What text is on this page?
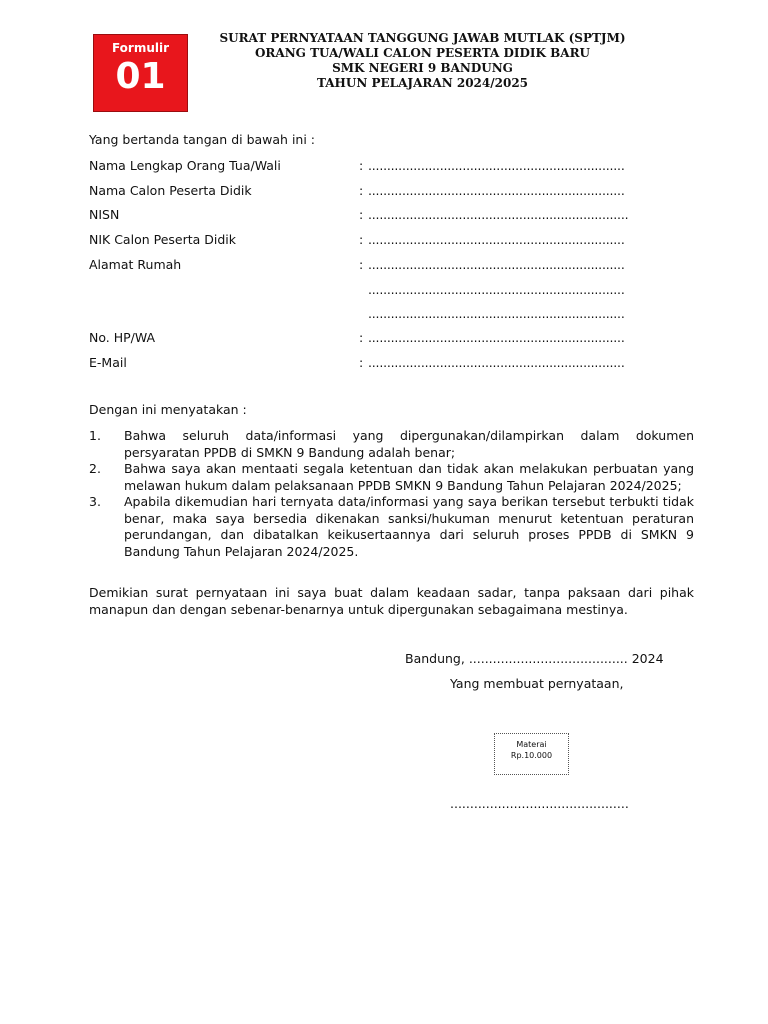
Formulir
01
SURAT PERNYATAAN TANGGUNG JAWAB MUTLAK (SPTJM)
ORANG TUA/WALI CALON PESERTA DIDIK BARU
SMK NEGERI 9 BANDUNG
TAHUN PELAJARAN 2024/2025
Yang bertanda tangan di bawah ini :
Nama Lengkap Orang Tua/Wali	: ....................................................................
Nama Calon Peserta Didik	: ....................................................................
NISN	: .....................................................................
NIK Calon Peserta Didik	: ....................................................................
Alamat Rumah	: ....................................................................
....................................................................
....................................................................
No. HP/WA	: ....................................................................
E-Mail	: ....................................................................
Dengan ini menyatakan :
1. Bahwa seluruh data/informasi yang dipergunakan/dilampirkan dalam dokumen persyaratan PPDB di SMKN 9 Bandung adalah benar;
2. Bahwa saya akan mentaati segala ketentuan dan tidak akan melakukan perbuatan yang melawan hukum dalam pelaksanaan PPDB SMKN 9 Bandung Tahun Pelajaran 2024/2025;
3. Apabila dikemudian hari ternyata data/informasi yang saya berikan tersebut terbukti tidak benar, maka saya bersedia dikenakan sanksi/hukuman menurut ketentuan peraturan perundangan, dan dibatalkan keikusertaannya dari seluruh proses PPDB di SMKN 9 Bandung Tahun Pelajaran 2024/2025.
Demikian surat pernyataan ini saya buat dalam keadaan sadar, tanpa paksaan dari pihak manapun dan dengan sebenar-benarnya untuk dipergunakan sebagaimana mestinya.
Bandung, ........................................ 2024
Yang membuat pernyataan,
Materai
Rp.10.000
.............................................
